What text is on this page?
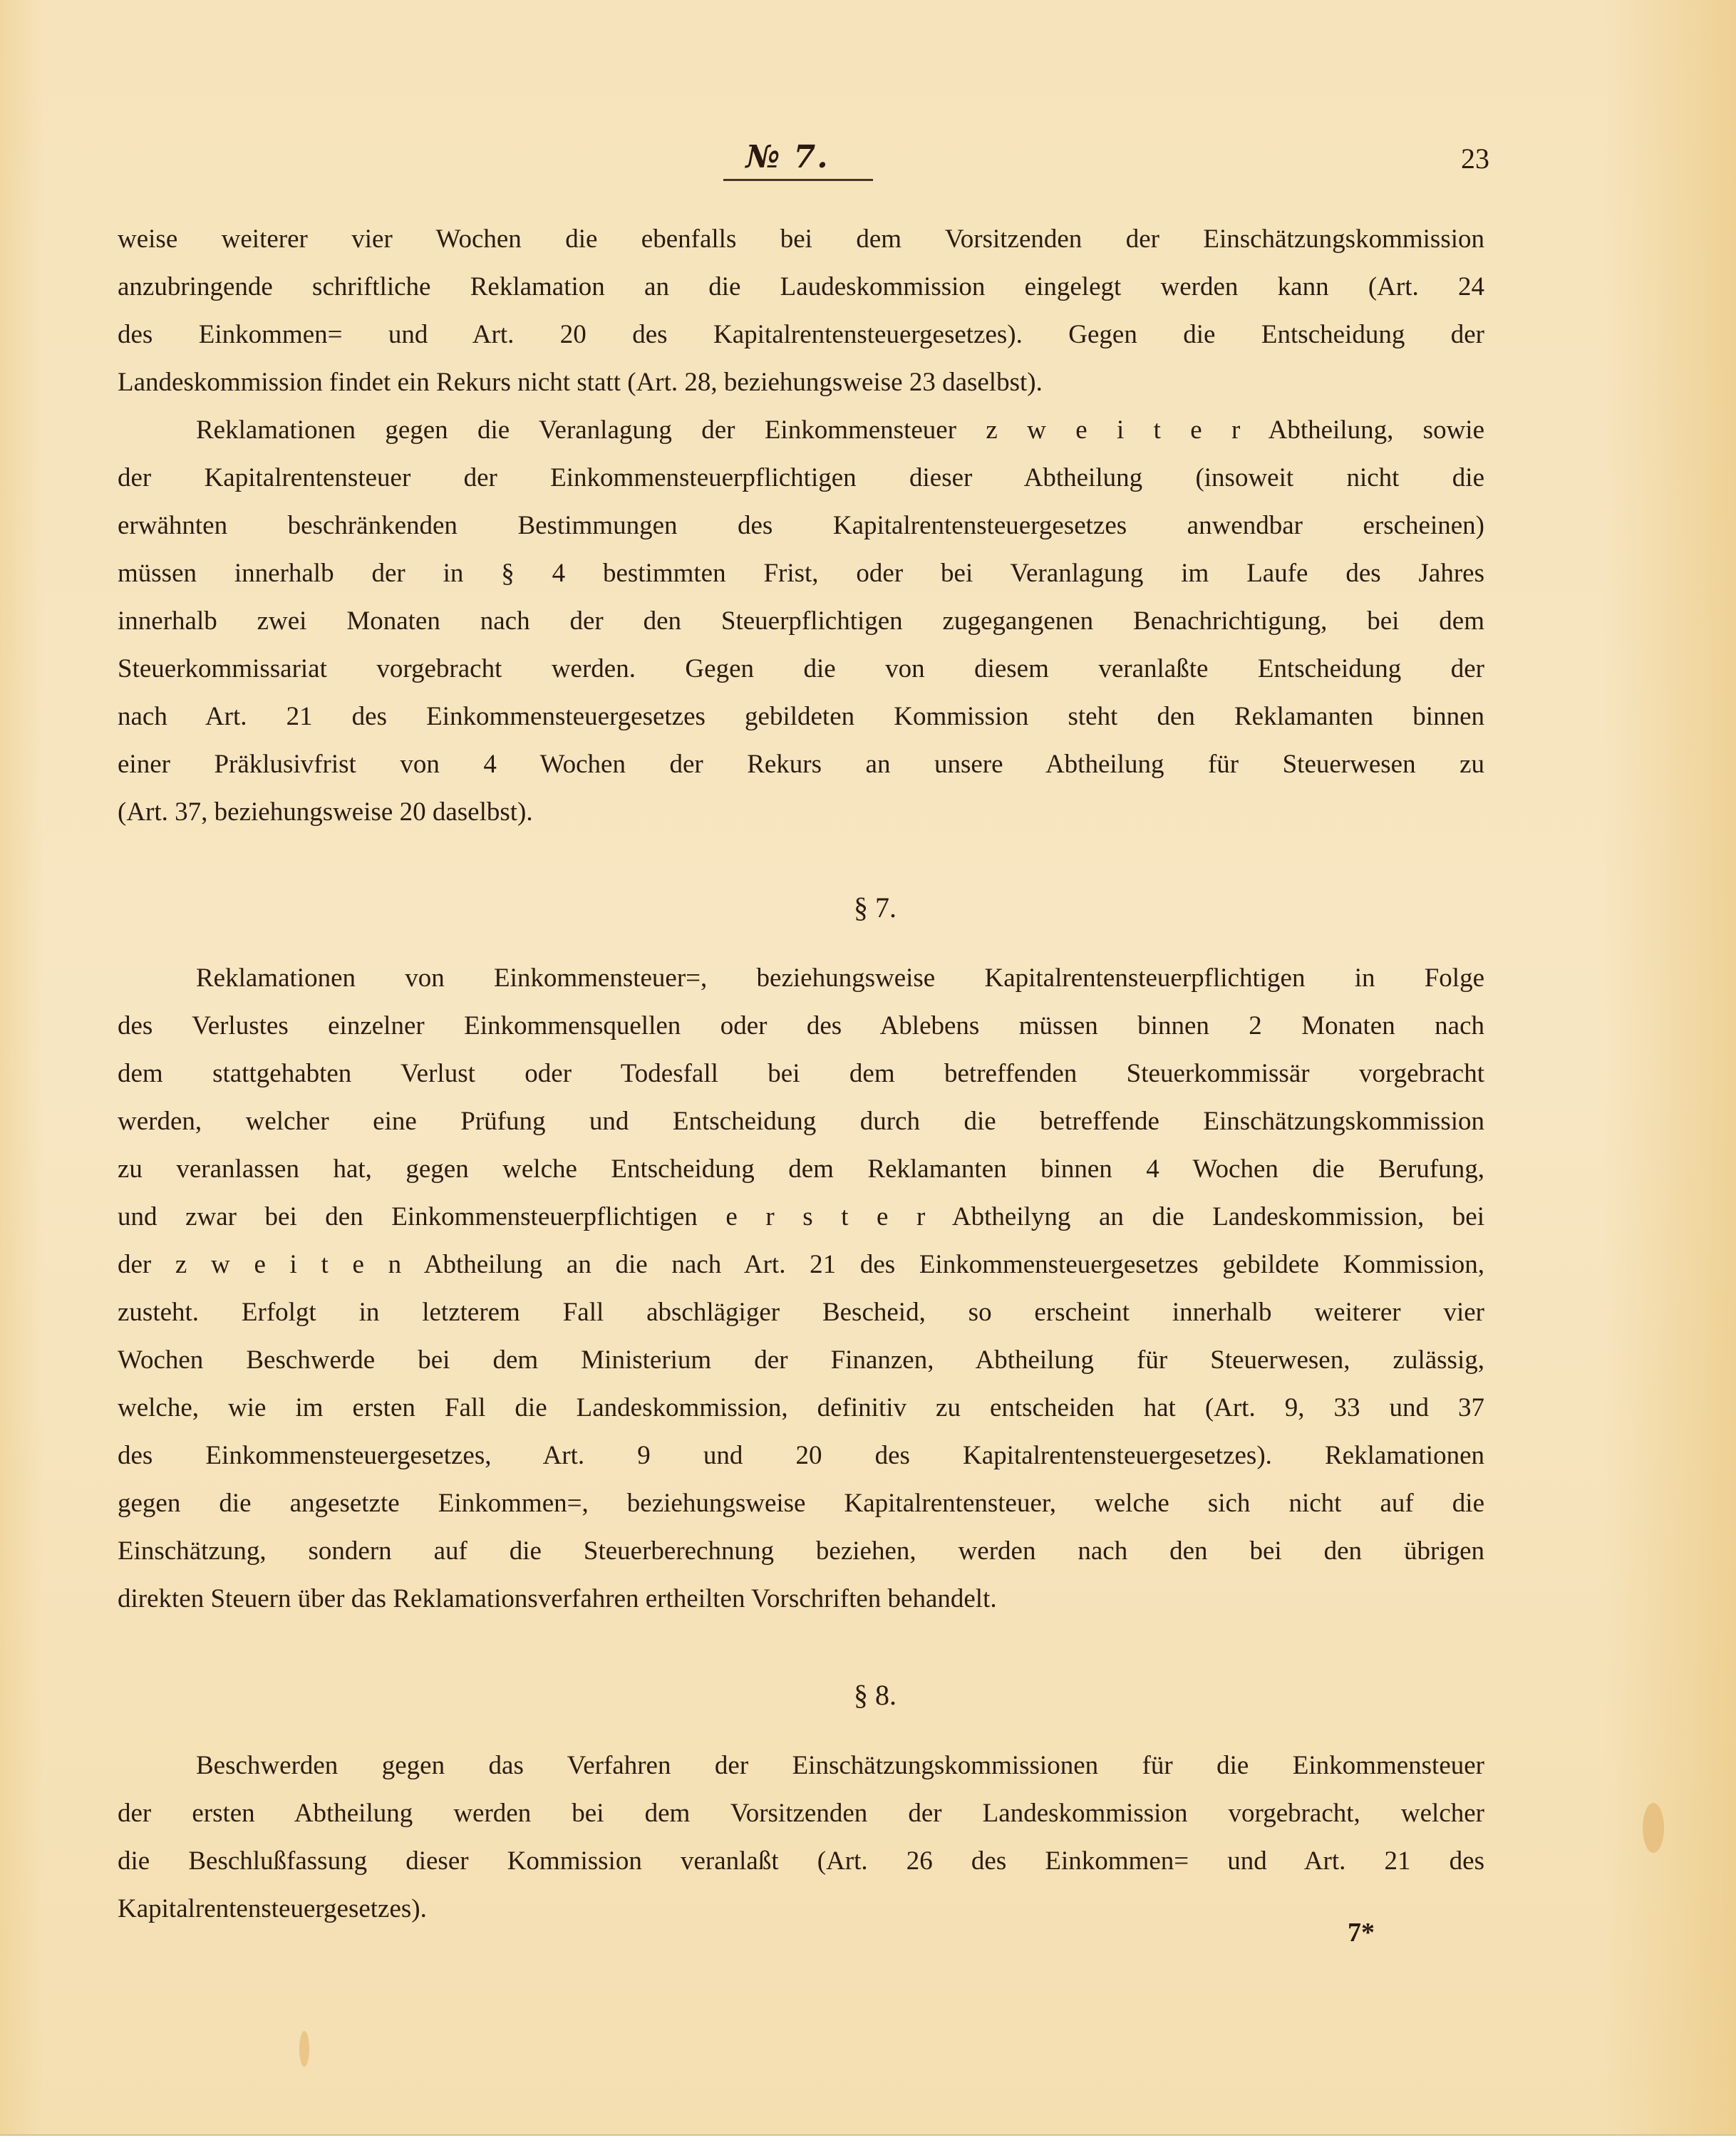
№ 7.	23
weise weiterer vier Wochen die ebenfalls bei dem Vorsitzenden der Einschätzungskommission
anzubringende schriftliche Reklamation an die Laudeskommission eingelegt werden kann (Art. 24
des Einkommen= und Art. 20 des Kapitalrentensteuergesetzes). Gegen die Entscheidung der
Landeskommission findet ein Rekurs nicht statt (Art. 28, beziehungsweise 23 daselbst).
Reklamationen gegen die Veranlagung der Einkommensteuer z w e i t e r Abtheilung, sowie
der Kapitalrentensteuer der Einkommensteuerpflichtigen dieser Abtheilung (insoweit nicht die
erwähnten beschränkenden Bestimmungen des Kapitalrentensteuergesetzes anwendbar erscheinen)
müssen innerhalb der in § 4 bestimmten Frist, oder bei Veranlagung im Laufe des Jahres
innerhalb zwei Monaten nach der den Steuerpflichtigen zugegangenen Benachrichtigung, bei dem
Steuerkommissariat vorgebracht werden. Gegen die von diesem veranlaßte Entscheidung der
nach Art. 21 des Einkommensteuergesetzes gebildeten Kommission steht den Reklamanten binnen
einer Präklusivfrist von 4 Wochen der Rekurs an unsere Abtheilung für Steuerwesen zu
(Art. 37, beziehungsweise 20 daselbst).
§ 7.
Reklamationen von Einkommensteuer=, beziehungsweise Kapitalrentensteuerpflichtigen in Folge
des Verlustes einzelner Einkommensquellen oder des Ablebens müssen binnen 2 Monaten nach
dem stattgehabten Verlust oder Todesfall bei dem betreffenden Steuerkommissär vorgebracht
werden, welcher eine Prüfung und Entscheidung durch die betreffende Einschätzungskommission
zu veranlassen hat, gegen welche Entscheidung dem Reklamanten binnen 4 Wochen die Berufung,
und zwar bei den Einkommensteuerpflichtigen e r s t e r Abtheilyng an die Landeskommission, bei
der z w e i t e n Abtheilung an die nach Art. 21 des Einkommensteuergesetzes gebildete Kommission,
zusteht. Erfolgt in letzterem Fall abschlägiger Bescheid, so erscheint innerhalb weiterer vier
Wochen Beschwerde bei dem Ministerium der Finanzen, Abtheilung für Steuerwesen, zulässig,
welche, wie im ersten Fall die Landeskommission, definitiv zu entscheiden hat (Art. 9, 33 und 37
des Einkommensteuergesetzes, Art. 9 und 20 des Kapitalrentensteuergesetzes). Reklamationen
gegen die angesetzte Einkommen=, beziehungsweise Kapitalrentensteuer, welche sich nicht auf die
Einschätzung, sondern auf die Steuerberechnung beziehen, werden nach den bei den übrigen
direkten Steuern über das Reklamationsverfahren ertheilten Vorschriften behandelt.
§ 8.
Beschwerden gegen das Verfahren der Einschätzungskommissionen für die Einkommensteuer
der ersten Abtheilung werden bei dem Vorsitzenden der Landeskommission vorgebracht, welcher
die Beschlußfassung dieser Kommission veranlaßt (Art. 26 des Einkommen= und Art. 21 des
Kapitalrentensteuergesetzes).
7*
